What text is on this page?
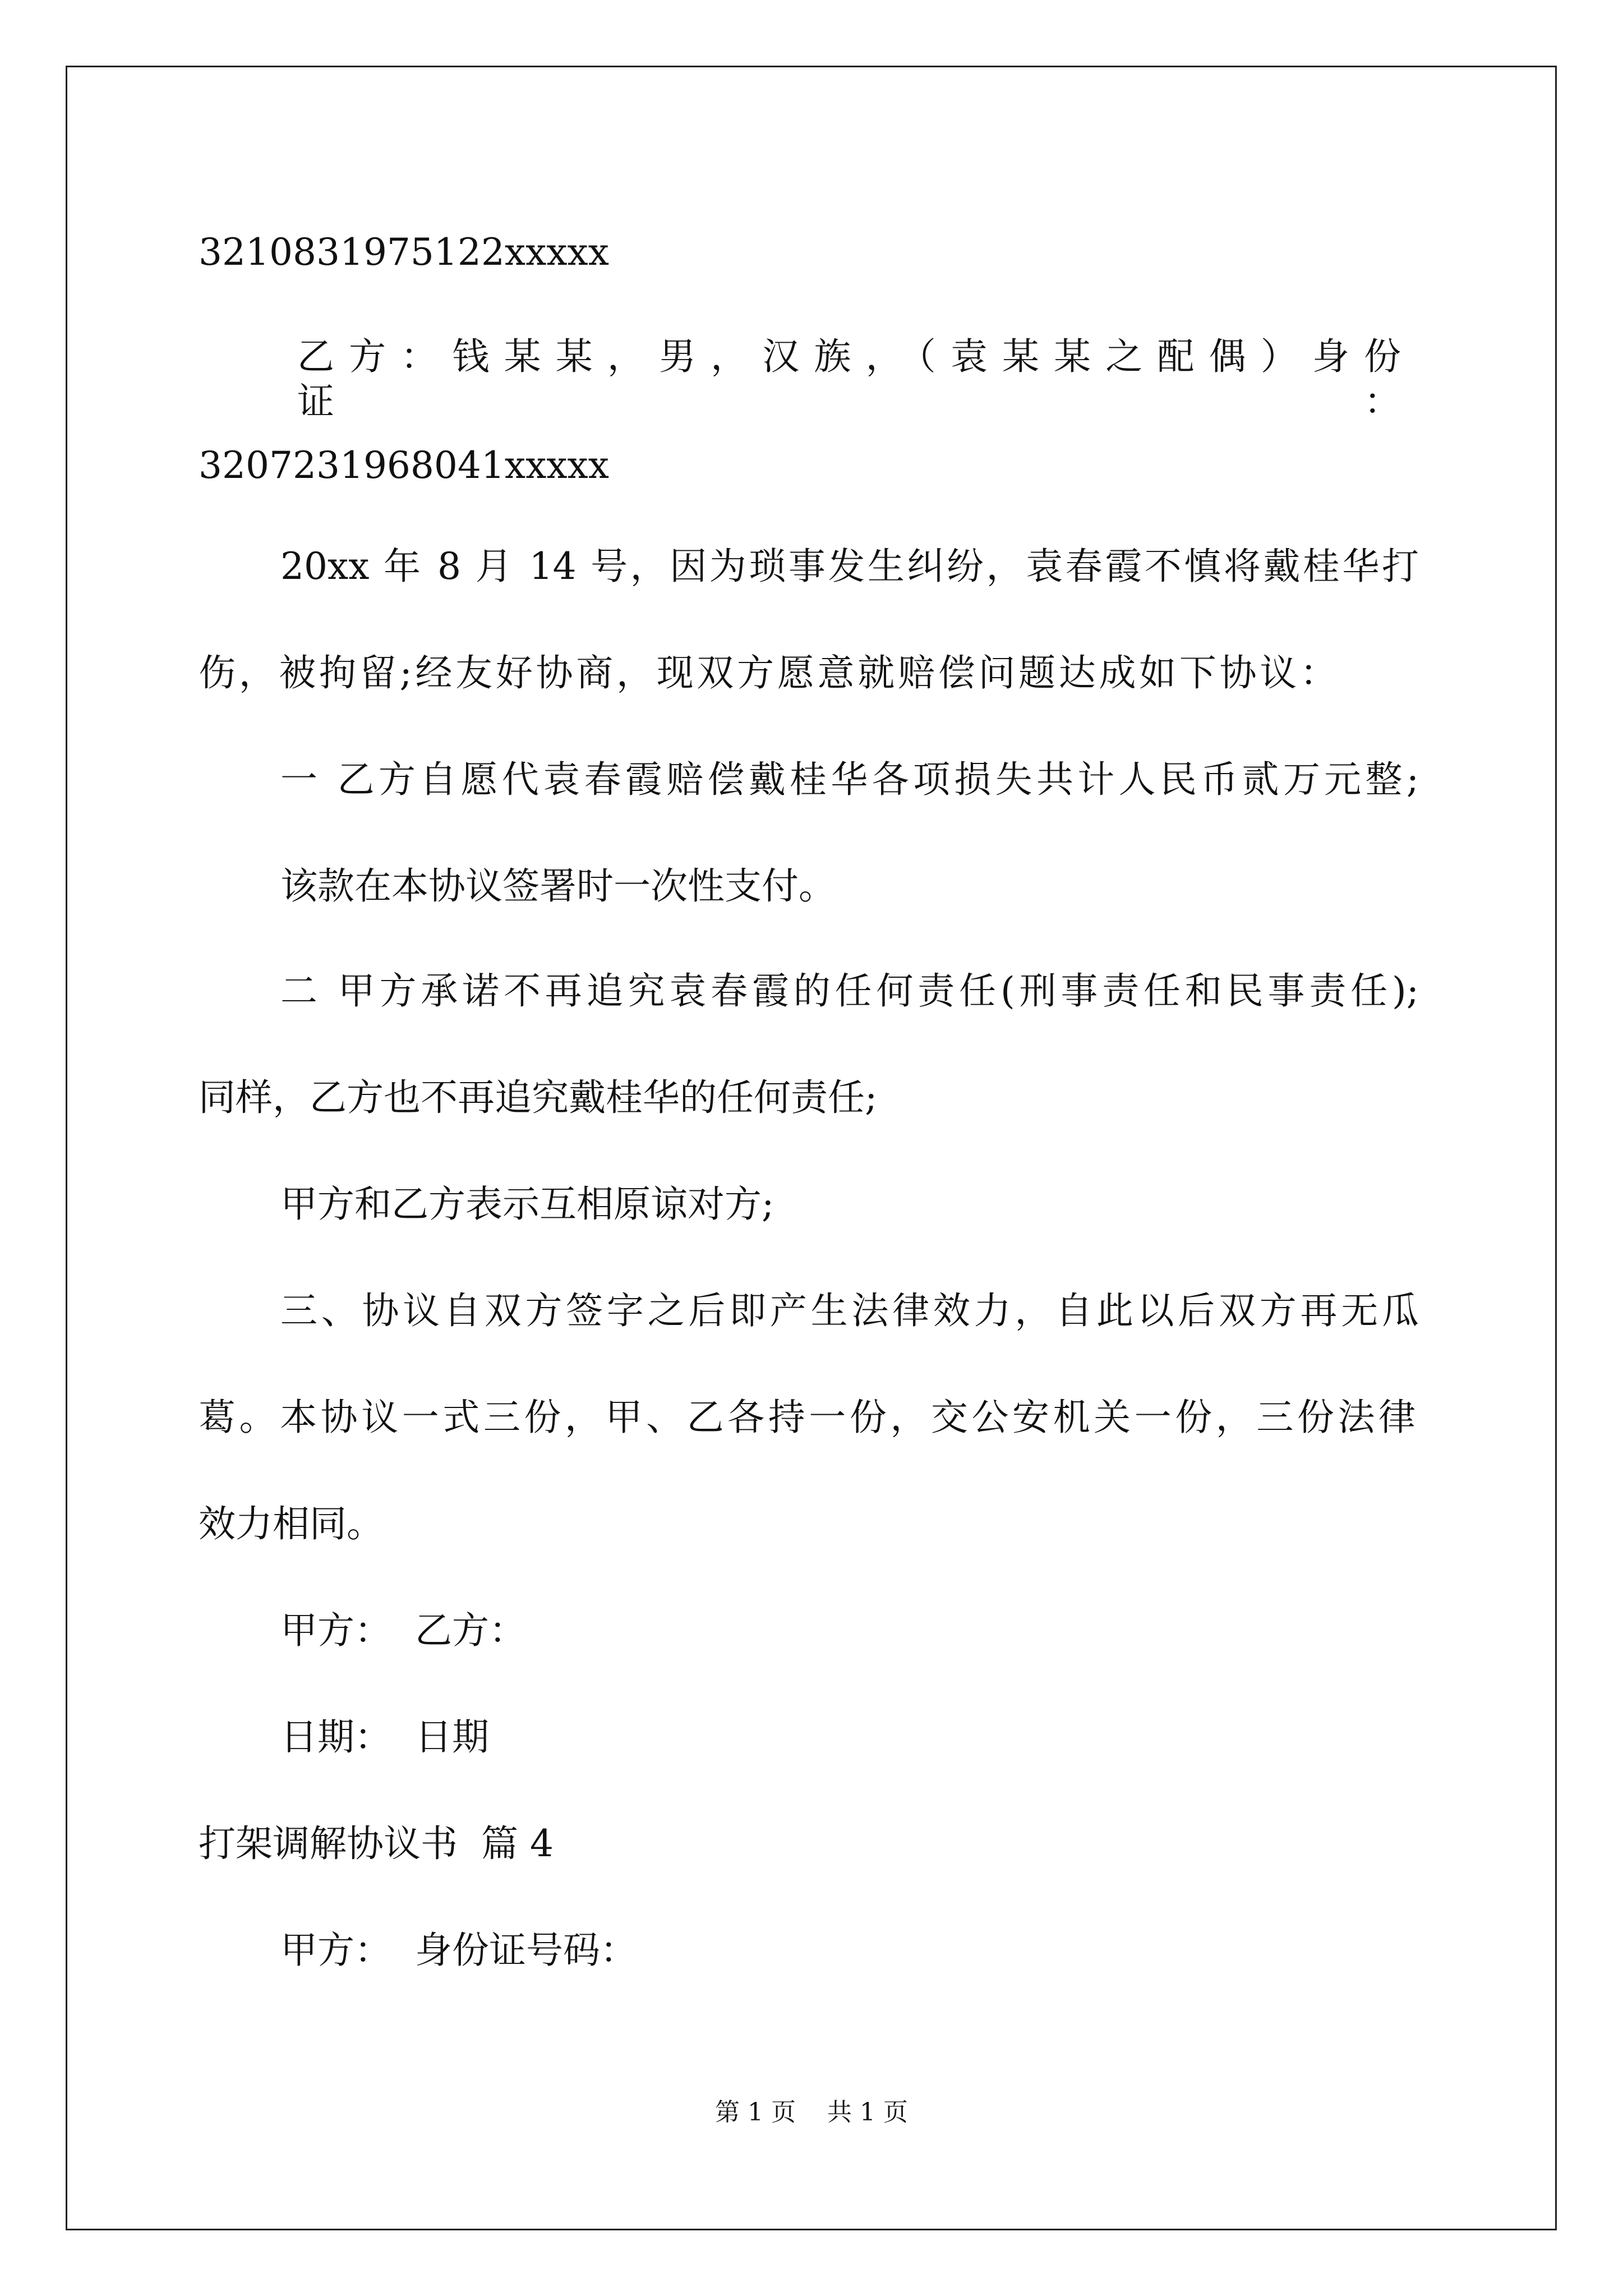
3210831975122xxxxx
乙方：钱某某，男，汉族，（袁某某之配偶）身份证：
3207231968041xxxxx
20xx 年 8 月 14 号，因为琐事发生纠纷，袁春霞不慎将戴桂华打
伤，被拘留;经友好协商，现双方愿意就赔偿问题达成如下协议：
一 乙方自愿代袁春霞赔偿戴桂华各项损失共计人民币贰万元整;
该款在本协议签署时一次性支付。
二 甲方承诺不再追究袁春霞的任何责任(刑事责任和民事责任);
同样，乙方也不再追究戴桂华的任何责任;
甲方和乙方表示互相原谅对方;
三、协议自双方签字之后即产生法律效力，自此以后双方再无瓜
葛。本协议一式三份，甲、乙各持一份，交公安机关一份，三份法律
效力相同。
甲方：  乙方：
日期：  日期
打架调解协议书  篇 4
甲方：  身份证号码：
第 1 页    共 1 页
